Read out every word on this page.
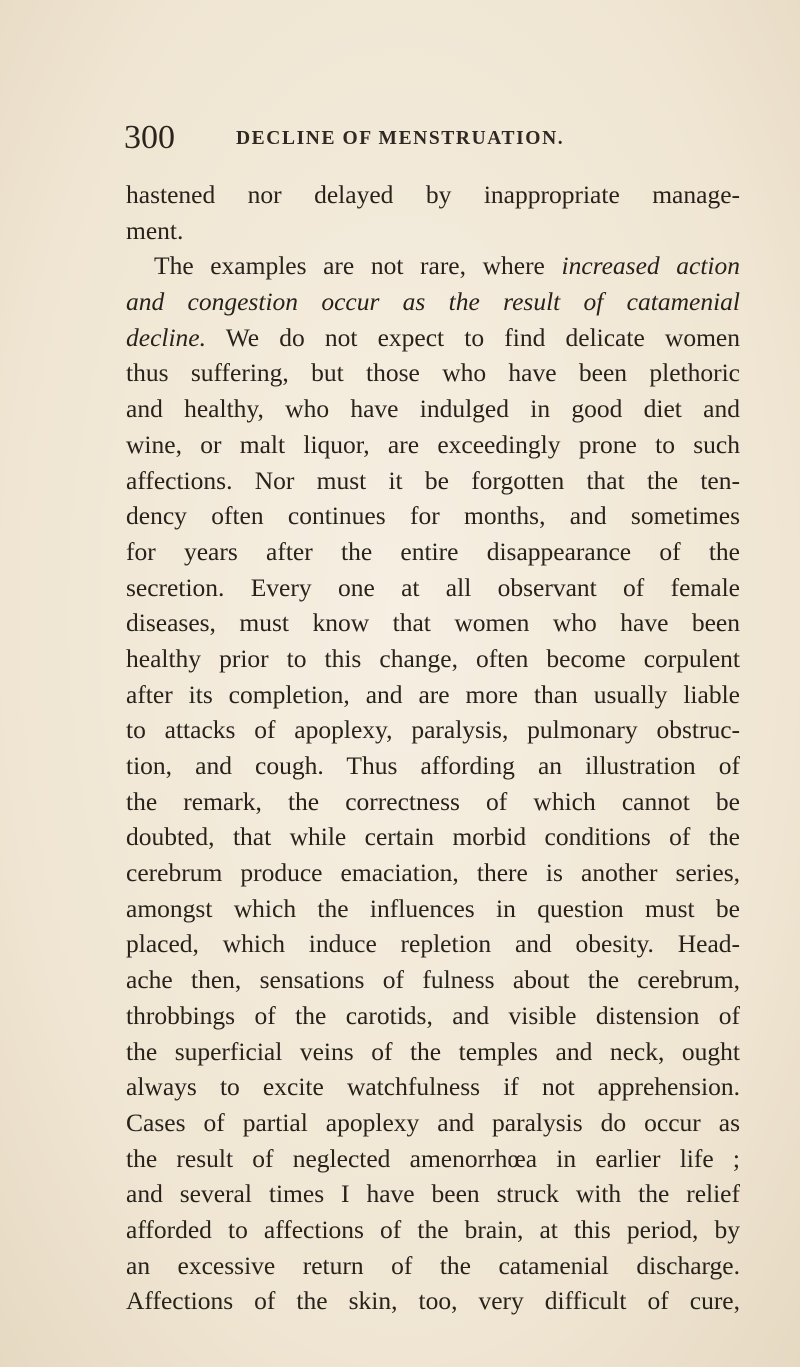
300	DECLINE OF MENSTRUATION.
hastened nor delayed by inappropriate manage-
ment.
The examples are not rare, where increased action
and congestion occur as the result of catamenial
decline. We do not expect to find delicate women
thus suffering, but those who have been plethoric
and healthy, who have indulged in good diet and
wine, or malt liquor, are exceedingly prone to such
affections. Nor must it be forgotten that the ten-
dency often continues for months, and sometimes
for years after the entire disappearance of the
secretion. Every one at all observant of female
diseases, must know that women who have been
healthy prior to this change, often become corpulent
after its completion, and are more than usually liable
to attacks of apoplexy, paralysis, pulmonary obstruc-
tion, and cough. Thus affording an illustration of
the remark, the correctness of which cannot be
doubted, that while certain morbid conditions of the
cerebrum produce emaciation, there is another series,
amongst which the influences in question must be
placed, which induce repletion and obesity. Head-
ache then, sensations of fulness about the cerebrum,
throbbings of the carotids, and visible distension of
the superficial veins of the temples and neck, ought
always to excite watchfulness if not apprehension.
Cases of partial apoplexy and paralysis do occur as
the result of neglected amenorrhœa in earlier life ;
and several times I have been struck with the relief
afforded to affections of the brain, at this period, by
an excessive return of the catamenial discharge.
Affections of the skin, too, very difficult of cure,
